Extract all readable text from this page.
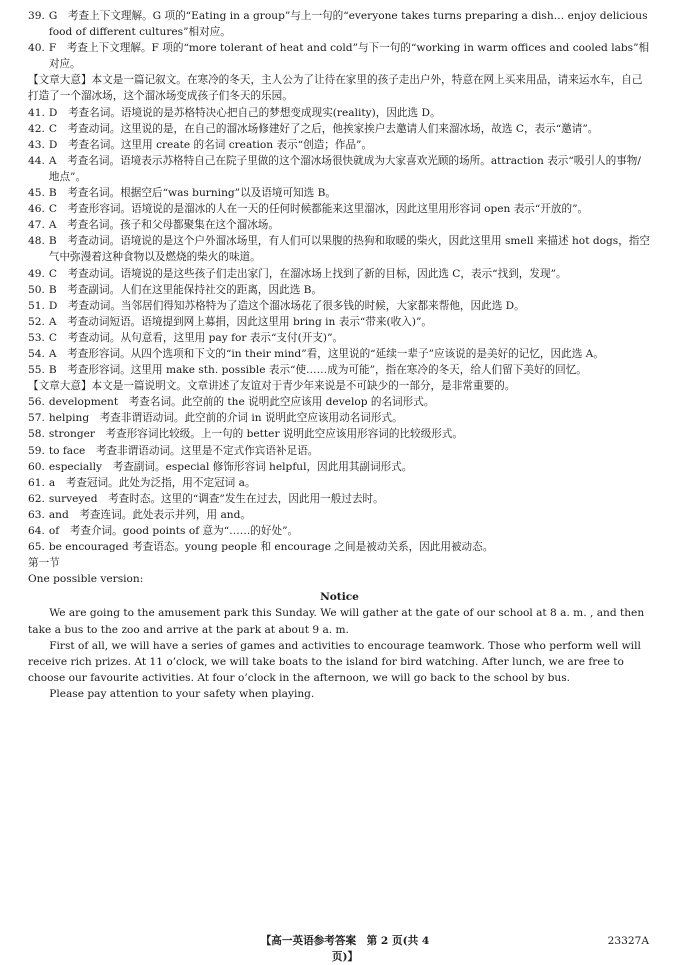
39. G　考查上下文理解。G 项的“Eating in a group”与上一句的“everyone takes turns preparing a dish… enjoy delicious food of different cultures”相对应。
40. F　考查上下文理解。F 项的“more tolerant of heat and cold”与下一句的“working in warm offices and cooled labs”相对应。
【文章大意】本文是一篇记叙文。在寒冷的冬天，主人公为了让待在家里的孩子走出户外，特意在网上买来用品，请来运水车，自己打造了一个溜冰场，这个溜冰场变成孩子们冬天的乐园。
41. D　考查名词。语境说的是苏格特决心把自己的梦想变成现实(reality)，因此选 D。
42. C　考查动词。这里说的是，在自己的溜冰场修建好了之后，他挨家挨户去邀请人们来溜冰场，故选 C，表示“邀请”。
43. D　考查名词。这里用 create 的名词 creation 表示“创造；作品”。
44. A　考查名词。语境表示苏格特自己在院子里做的这个溜冰场很快就成为大家喜欢光顾的场所。attraction 表示“吸引人的事物/地点”。
45. B　考查名词。根据空后“was burning”以及语境可知选 B。
46. C　考查形容词。语境说的是溜冰的人在一天的任何时候都能来这里溜冰，因此这里用形容词 open 表示“开放的”。
47. A　考查名词。孩子和父母都聚集在这个溜冰场。
48. B　考查动词。语境说的是这个户外溜冰场里，有人们可以果腹的热狗和取暖的柴火，因此这里用 smell 来描述 hot dogs，指空气中弥漫着这种食物以及燃烧的柴火的味道。
49. C　考查动词。语境说的是这些孩子们走出家门，在溜冰场上找到了新的目标，因此选 C，表示“找到，发现”。
50. B　考查副词。人们在这里能保持社交的距离，因此选 B。
51. D　考查动词。当邻居们得知苏格特为了造这个溜冰场花了很多钱的时候，大家都来帮他，因此选 D。
52. A　考查动词短语。语境提到网上募捐，因此这里用 bring in 表示“带来(收入)”。
53. C　考查动词。从句意看，这里用 pay for 表示“支付(开支)”。
54. A　考查形容词。从四个选项和下文的“in their mind”看，这里说的“延续一辈子”应该说的是美好的记忆，因此选 A。
55. B　考查形容词。这里用 make sth. possible 表示“使……成为可能”，指在寒冷的冬天，给人们留下美好的回忆。
【文章大意】本文是一篇说明文。文章讲述了友谊对于青少年来说是不可缺少的一部分，是非常重要的。
56. development　考查名词。此空前的 the 说明此空应该用 develop 的名词形式。
57. helping　考查非谓语动词。此空前的介词 in 说明此空应该用动名词形式。
58. stronger　考查形容词比较级。上一句的 better 说明此空应该用形容词的比较级形式。
59. to face　考查非谓语动词。这里是不定式作宾语补足语。
60. especially　考查副词。especial 修饰形容词 helpful，因此用其副词形式。
61. a　考查冠词。此处为泛指，用不定冠词 a。
62. surveyed　考查时态。这里的“调查”发生在过去，因此用一般过去时。
63. and　考查连词。此处表示并列，用 and。
64. of　考查介词。good points of 意为“……的好处”。
65. be encouraged 考查语态。young people 和 encourage 之间是被动关系，因此用被动态。
第一节
One possible version:
Notice

We are going to the amusement park this Sunday. We will gather at the gate of our school at 8 a. m. , and then take a bus to the zoo and arrive at the park at about 9 a. m.

First of all, we will have a series of games and activities to encourage teamwork. Those who perform well will receive rich prizes. At 11 o’clock, we will take boats to the island for bird watching. After lunch, we are free to choose our favourite activities. At four o’clock in the afternoon, we will go back to the school by bus.

Please pay attention to your safety when playing.

【高一英语参考答案　第 2 页(共 4 页)】
23327A
